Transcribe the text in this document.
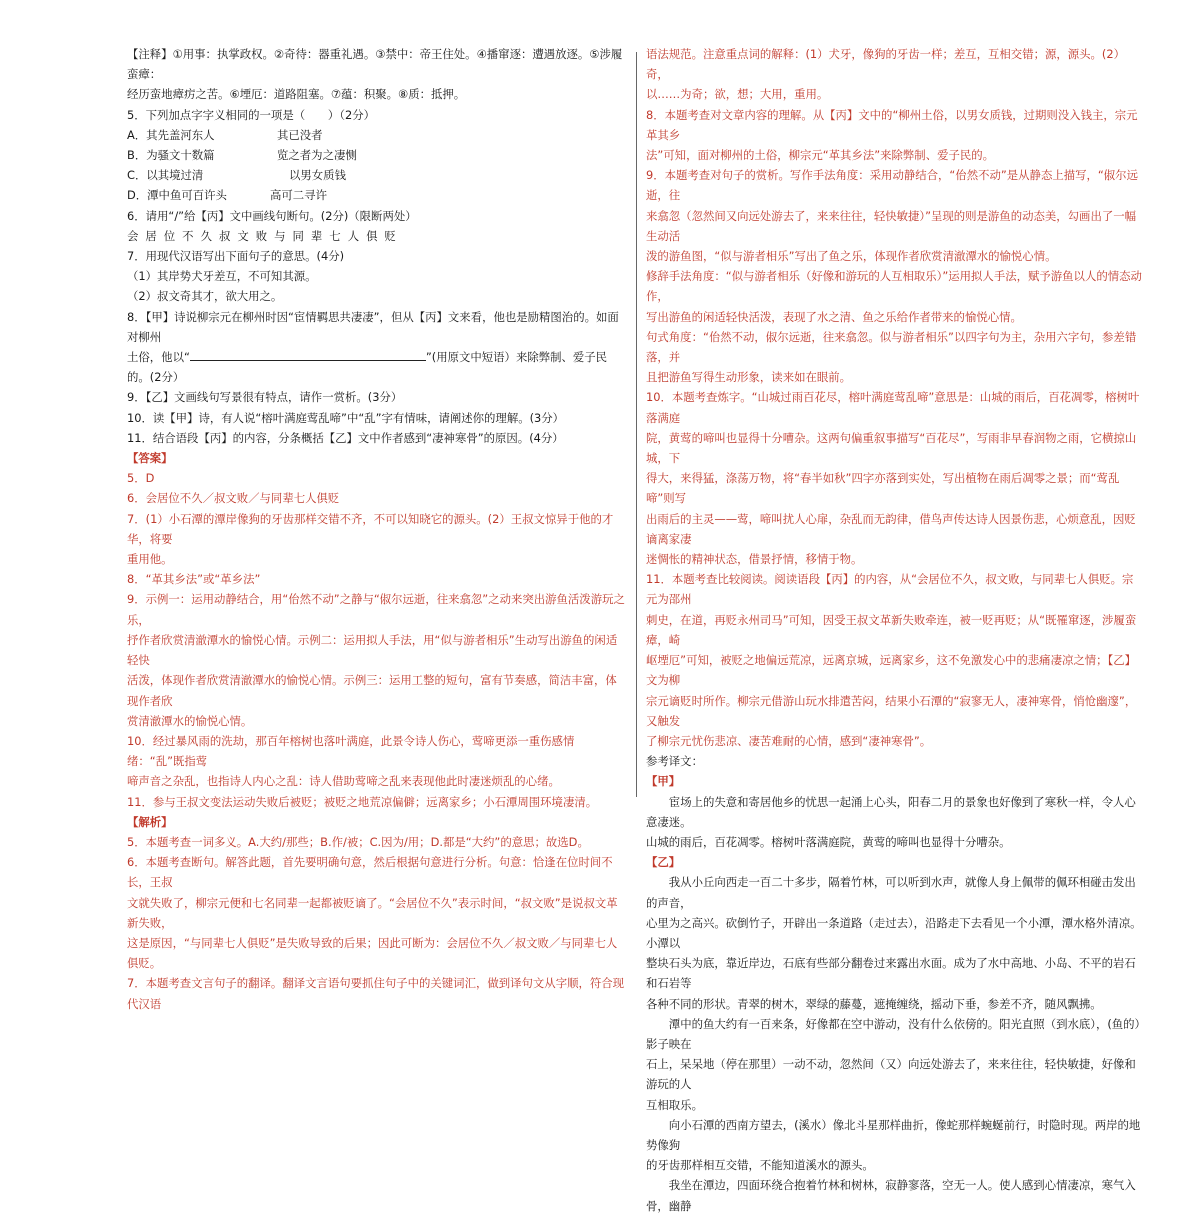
【注释】①用事：执掌政权。②奇待：器重礼遇。③禁中：帝王住处。④播窜逐：遭遇放逐。⑤涉履蛮瘴：

经历蛮地瘴疠之苦。⑥堙厄：道路阻塞。⑦蕴：积聚。⑧质：抵押。

5．下列加点字字义相同的一项是（　　）（2分）

A．其先盖河东人	其已没者

B．为骚文十数篇	览之者为之凄恻

C．以其境过清	以男女质钱

D．潭中鱼可百许头	高可二寻许

6．请用“/”给【丙】文中画线句断句。(2分)（限断两处）

会居位不久叔文败与同辈七人俱贬

7．用现代汉语写出下面句子的意思。(4分)

（1）其岸势犬牙差互，不可知其源。

（2）叔文奇其才，欲大用之。

8．【甲】诗说柳宗元在柳州时因“宦情羁思共凄凄”，但从【丙】文来看，他也是励精图治的。如面对柳州

土俗，他以“	”(用原文中短语）来除弊制、爱子民的。(2分）

9．【乙】文画线句写景很有特点，请作一赏析。(3分）

10．读【甲】诗，有人说“榕叶满庭莺乱啼”中“乱”字有情味，请阐述你的理解。(3分）

11．结合语段【丙】的内容，分条概括【乙】文中作者感到“凄神寒骨”的原因。(4分）

【答案】

5．D

6．会居位不久／叔文败／与同辈七人俱贬

7．(1）小石潭的潭岸像狗的牙齿那样交错不齐，不可以知晓它的源头。(2）王叔文惊异于他的才华，将要

重用他。

8．“革其乡法”或“革乡法”

9．示例一：运用动静结合，用“佁然不动”之静与“俶尔远逝，往来翕忽”之动来突出游鱼活泼游玩之乐，

抒作者欣赏清澈潭水的愉悦心情。示例二：运用拟人手法，用“似与游者相乐”生动写出游鱼的闲适轻快

活泼，体现作者欣赏清澈潭水的愉悦心情。示例三：运用工整的短句，富有节奏感，简洁丰富，体现作者欣

赏清澈潭水的愉悦心情。

10．经过暴风雨的洗劫，那百年榕树也落叶满庭，此景令诗人伤心，莺啼更添一重伤感情绪：“乱”既指莺

啼声音之杂乱，也指诗人内心之乱：诗人借助莺啼之乱来表现他此时凄迷烦乱的心绪。

11．参与王叔文变法运动失败后被贬；被贬之地荒凉偏僻；远离家乡；小石潭周围环境凄清。

【解析】

5．本题考查一词多义。A.大约/那些；B.作/被；C.因为/用；D.都是“大约”的意思；故选D。

6．本题考查断句。解答此题，首先要明确句意，然后根据句意进行分析。句意：恰逢在位时间不长，王叔

文就失败了，柳宗元便和七名同辈一起都被贬谪了。“会居位不久”表示时间，“叔文败”是说叔文革新失败，

这是原因，“与同辈七人俱贬”是失败导致的后果；因此可断为：会居位不久／叔文败／与同辈七人俱贬。

7．本题考查文言句子的翻译。翻译文言语句要抓住句子中的关键词汇，做到译句文从字顺，符合现代汉语

语法规范。注意重点词的解释：(1）犬牙，像狗的牙齿一样；差互，互相交错；源，源头。(2）奇，

以……为奇；欲，想；大用，重用。

8．本题考查对文章内容的理解。从【丙】文中的“柳州土俗，以男女质钱，过期则没入钱主，宗元革其乡

法”可知，面对柳州的土俗，柳宗元“革其乡法”来除弊制、爱子民的。

9．本题考查对句子的赏析。写作手法角度：采用动静结合，“佁然不动”是从静态上描写，“俶尔远逝，往

来翕忽（忽然间又向远处游去了，来来往往，轻快敏捷）”呈现的则是游鱼的动态美，勾画出了一幅生动活

泼的游鱼图，“似与游者相乐”写出了鱼之乐，体现作者欣赏清澈潭水的愉悦心情。

修辞手法角度：“似与游者相乐（好像和游玩的人互相取乐）”运用拟人手法，赋予游鱼以人的情态动作，

写出游鱼的闲适轻快活泼，表现了水之清、鱼之乐给作者带来的愉悦心情。

句式角度：“佁然不动，俶尔远逝，往来翕忽。似与游者相乐”以四字句为主，杂用六字句，参差错落，并

且把游鱼写得生动形象，读来如在眼前。

10．本题考查炼字。“山城过雨百花尽，榕叶满庭莺乱啼”意思是：山城的雨后，百花凋零，榕树叶落满庭

院，黄莺的啼叫也显得十分嘈杂。这两句偏重叙事描写“百花尽”，写雨非早春润物之雨，它横掠山城，下

得大，来得猛，涤荡万物，将“春半如秋”四字亦落到实处，写出植物在雨后凋零之景；而“莺乱啼”则写

出雨后的主灵——莺，啼叫扰人心扉，杂乱而无韵律，借鸟声传达诗人因景伤悲，心烦意乱，因贬谪离家凄

迷惆怅的精神状态，借景抒情，移情于物。

11．本题考查比较阅读。阅读语段【丙】的内容，从“会居位不久，叔文败，与同辈七人俱贬。宗元为邵州

刺史，在道，再贬永州司马”可知，因受王叔文革新失败牵连，被一贬再贬；从“既罹窜逐，涉履蛮瘴，崎

岖堙厄”可知，被贬之地偏远荒凉，远离京城，远离家乡，这不免激发心中的悲痛凄凉之情；【乙】文为柳

宗元谪贬时所作。柳宗元借游山玩水排遣苦闷，结果小石潭的“寂寥无人，凄神寒骨，悄怆幽邃”，又触发

了柳宗元忧伤悲凉、凄苦难耐的心情，感到“凄神寒骨”。

参考译文：

【甲】

宦场上的失意和寄居他乡的忧思一起涌上心头，阳春二月的景象也好像到了寒秋一样，令人心意凄迷。

山城的雨后，百花凋零。榕树叶落满庭院，黄莺的啼叫也显得十分嘈杂。

【乙】

我从小丘向西走一百二十多步，隔着竹林，可以听到水声，就像人身上佩带的佩环相碰击发出的声音，

心里为之高兴。砍倒竹子，开辟出一条道路（走过去），沿路走下去看见一个小潭，潭水格外清凉。小潭以

整块石头为底，靠近岸边，石底有些部分翻卷过来露出水面。成为了水中高地、小岛、不平的岩石和石岩等

各种不同的形状。青翠的树木，翠绿的藤蔓，遮掩缠绕，摇动下垂，参差不齐，随风飘拂。

潭中的鱼大约有一百来条，好像都在空中游动，没有什么依傍的。阳光直照（到水底），(鱼的）影子映在

石上，呆呆地（停在那里）一动不动，忽然间（又）向远处游去了，来来往往，轻快敏捷，好像和游玩的人

互相取乐。

向小石潭的西南方望去，(溪水）像北斗星那样曲折，像蛇那样蜿蜒前行，时隐时现。两岸的地势像狗

的牙齿那样相互交错，不能知道溪水的源头。

我坐在潭边，四面环绕合抱着竹林和树林，寂静寥落，空无一人。使人感到心情凄凉，寒气入骨，幽静
